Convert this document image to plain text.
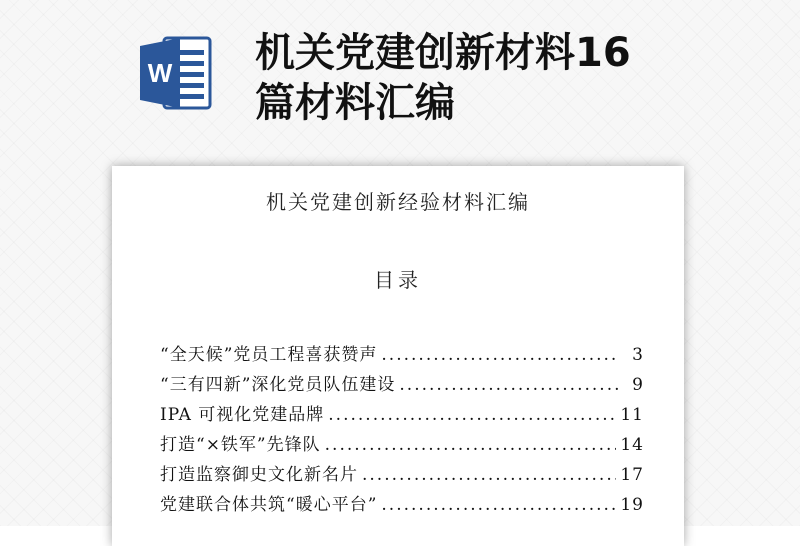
W 机关党建创新材料16篇材料汇编
机关党建创新经验材料汇编
目录
“全天候”党员工程喜获赞声 .....	3
“三有四新”深化党员队伍建设 .....	9
IPA 可视化党建品牌 .....	11
打造“×铁军”先锋队 .....	14
打造监察御史文化新名片 .....	17
党建联合体共筑“暖心平台” .....	19
